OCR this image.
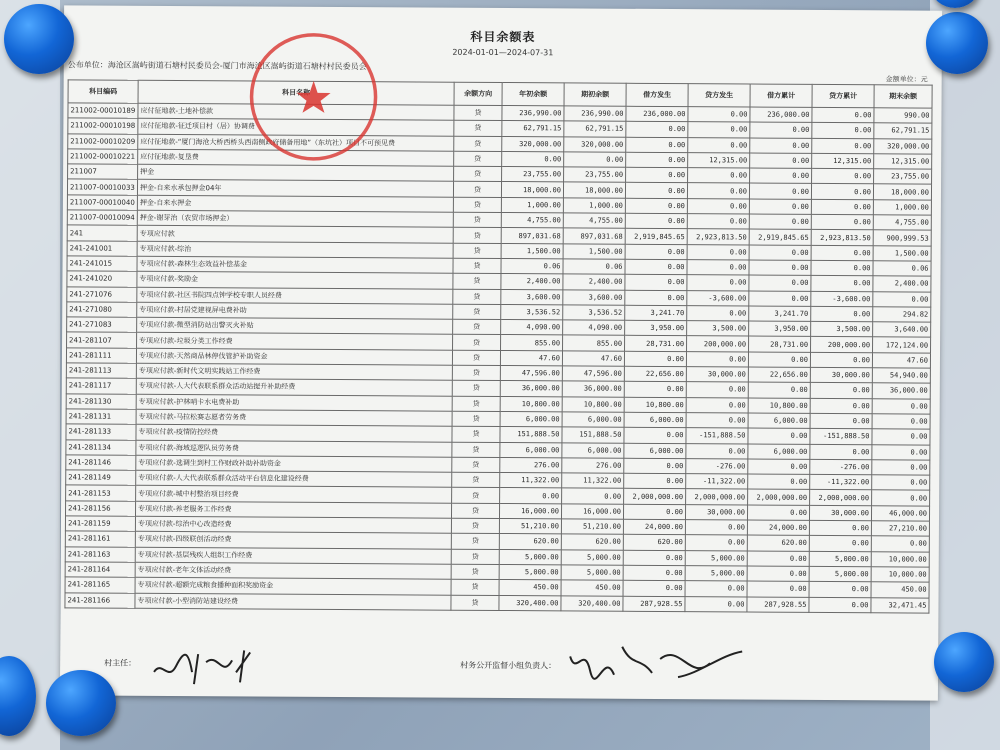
科目余额表
2024-01-01—2024-07-31
公布单位：海沧区嵩屿街道石塘村民委员会-厦门市海沧区嵩屿街道石塘村村民委员会
金额单位：元
科目编码	科目名称	余额方向	年初余额	期初余额	借方发生	贷方发生	借方累计	贷方累计	期末余额
211002-00010189	应付征地款-土地补偿款	贷	236,990.00	236,990.00	236,000.00	0.00	236,000.00	0.00	990.00
211002-00010198	应付征地款-征迁项目村（居）协调费	贷	62,791.15	62,791.15	0.00	0.00	0.00	0.00	62,791.15
211002-00010209	应付征地款-“厦门海沧大桥西桥头西南侧政府储备用地”（东坑社）项目不可预见费	贷	320,000.00	320,000.00	0.00	0.00	0.00	0.00	320,000.00
211002-00010221	应付征地款-复垦费	贷	0.00	0.00	0.00	12,315.00	0.00	12,315.00	12,315.00
211007	押金	贷	23,755.00	23,755.00	0.00	0.00	0.00	0.00	23,755.00
211007-00010033	押金-自来水承包押金04年	贷	18,000.00	18,000.00	0.00	0.00	0.00	0.00	18,000.00
211007-00010040	押金-自来水押金	贷	1,000.00	1,000.00	0.00	0.00	0.00	0.00	1,000.00
211007-00010094	押金-谢芽治（农贸市场押金）	贷	4,755.00	4,755.00	0.00	0.00	0.00	0.00	4,755.00
241	专项应付款	贷	897,031.68	897,031.68	2,919,845.65	2,923,813.50	2,919,845.65	2,923,813.50	900,999.53
241-241001	专项应付款-综治	贷	1,500.00	1,500.00	0.00	0.00	0.00	0.00	1,500.00
241-241015	专项应付款-森林生态效益补偿基金	贷	0.06	0.06	0.00	0.00	0.00	0.00	0.06
241-241020	专项应付款-奖励金	贷	2,400.00	2,400.00	0.00	0.00	0.00	0.00	2,400.00
241-271076	专项应付款-社区书院四点钟学校专职人员经费	贷	3,600.00	3,600.00	0.00	-3,600.00	0.00	-3,600.00	0.00
241-271080	专项应付款-村居党建视屏电费补助	贷	3,536.52	3,536.52	3,241.70	0.00	3,241.70	0.00	294.82
241-271083	专项应付款-微型消防站出警灭火补贴	贷	4,090.00	4,090.00	3,950.00	3,500.00	3,950.00	3,500.00	3,640.00
241-281107	专项应付款-垃圾分类工作经费	贷	855.00	855.00	28,731.00	200,000.00	28,731.00	200,000.00	172,124.00
241-281111	专项应付款-天然商品林停伐管护补助资金	贷	47.60	47.60	0.00	0.00	0.00	0.00	47.60
241-281113	专项应付款-新时代文明实践站工作经费	贷	47,596.00	47,596.00	22,656.00	30,000.00	22,656.00	30,000.00	54,940.00
241-281117	专项应付款-人大代表联系群众活动站提升补助经费	贷	36,000.00	36,000.00	0.00	0.00	0.00	0.00	36,000.00
241-281130	专项应付款-护林哨卡水电费补助	贷	10,800.00	10,800.00	10,800.00	0.00	10,800.00	0.00	0.00
241-281131	专项应付款-马拉松赛志愿者劳务费	贷	6,000.00	6,000.00	6,000.00	0.00	6,000.00	0.00	0.00
241-281133	专项应付款-疫情防控经费	贷	151,888.50	151,888.50	0.00	-151,888.50	0.00	-151,888.50	0.00
241-281134	专项应付款-海域巡逻队员劳务费	贷	6,000.00	6,000.00	6,000.00	0.00	6,000.00	0.00	0.00
241-281146	专项应付款-选调生到村工作财政补助补助资金	贷	276.00	276.00	0.00	-276.00	0.00	-276.00	0.00
241-281149	专项应付款-人大代表联系群众活动平台信息化建设经费	贷	11,322.00	11,322.00	0.00	-11,322.00	0.00	-11,322.00	0.00
241-281153	专项应付款-城中村整治项目经费	贷	0.00	0.00	2,000,000.00	2,000,000.00	2,000,000.00	2,000,000.00	0.00
241-281156	专项应付款-养老服务工作经费	贷	16,000.00	16,000.00	0.00	30,000.00	0.00	30,000.00	46,000.00
241-281159	专项应付款-综治中心改造经费	贷	51,210.00	51,210.00	24,000.00	0.00	24,000.00	0.00	27,210.00
241-281161	专项应付款-四级联创活动经费	贷	620.00	620.00	620.00	0.00	620.00	0.00	0.00
241-281163	专项应付款-基层残疾人组织工作经费	贷	5,000.00	5,000.00	0.00	5,000.00	0.00	5,000.00	10,000.00
241-281164	专项应付款-老年文体活动经费	贷	5,000.00	5,000.00	0.00	5,000.00	0.00	5,000.00	10,000.00
241-281165	专项应付款-超额完成粮食播种面积奖励资金	贷	450.00	450.00	0.00	0.00	0.00	0.00	450.00
241-281166	专项应付款-小型消防站建设经费	贷	320,400.00	320,400.00	287,928.55	0.00	287,928.55	0.00	32,471.45
村主任：	村务公开监督小组负责人：
